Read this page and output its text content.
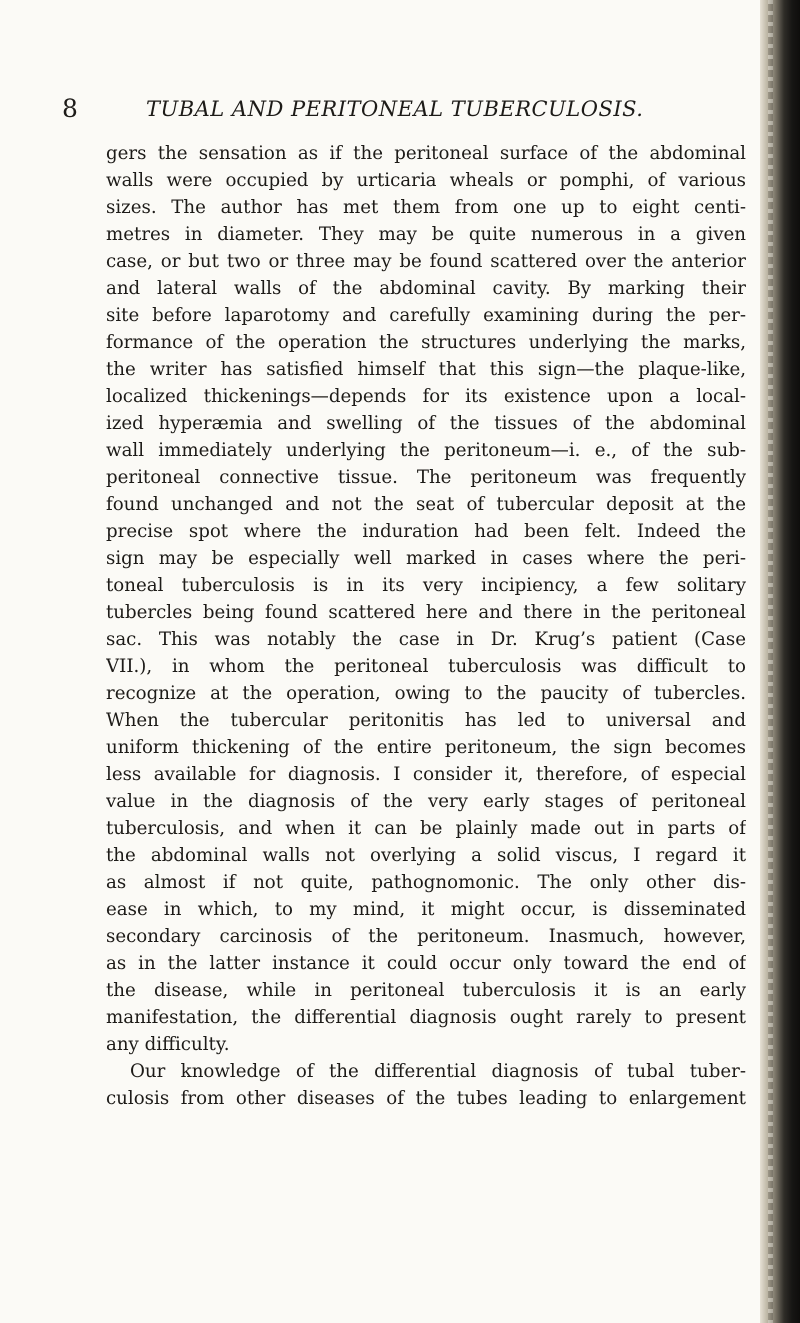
8	TUBAL AND PERITONEAL TUBERCULOSIS.
gers the sensation as if the peritoneal surface of the abdominal
walls were occupied by urticaria wheals or pomphi, of various
sizes. The author has met them from one up to eight centi-
metres in diameter. They may be quite numerous in a given
case, or but two or three may be found scattered over the anterior
and lateral walls of the abdominal cavity. By marking their
site before laparotomy and carefully examining during the per-
formance of the operation the structures underlying the marks,
the writer has satisfied himself that this sign—the plaque-like,
localized thickenings—depends for its existence upon a local-
ized hyperæmia and swelling of the tissues of the abdominal
wall immediately underlying the peritoneum—i. e., of the sub-
peritoneal connective tissue. The peritoneum was frequently
found unchanged and not the seat of tubercular deposit at the
precise spot where the induration had been felt. Indeed the
sign may be especially well marked in cases where the peri-
toneal tuberculosis is in its very incipiency, a few solitary
tubercles being found scattered here and there in the peritoneal
sac. This was notably the case in Dr. Krug’s patient (Case
VII.), in whom the peritoneal tuberculosis was difficult to
recognize at the operation, owing to the paucity of tubercles.
When the tubercular peritonitis has led to universal and
uniform thickening of the entire peritoneum, the sign becomes
less available for diagnosis. I consider it, therefore, of especial
value in the diagnosis of the very early stages of peritoneal
tuberculosis, and when it can be plainly made out in parts of
the abdominal walls not overlying a solid viscus, I regard it
as almost if not quite, pathognomonic. The only other dis-
ease in which, to my mind, it might occur, is disseminated
secondary carcinosis of the peritoneum. Inasmuch, however,
as in the latter instance it could occur only toward the end of
the disease, while in peritoneal tuberculosis it is an early
manifestation, the differential diagnosis ought rarely to present
any difficulty.
Our knowledge of the differential diagnosis of tubal tuber-
culosis from other diseases of the tubes leading to enlargement
